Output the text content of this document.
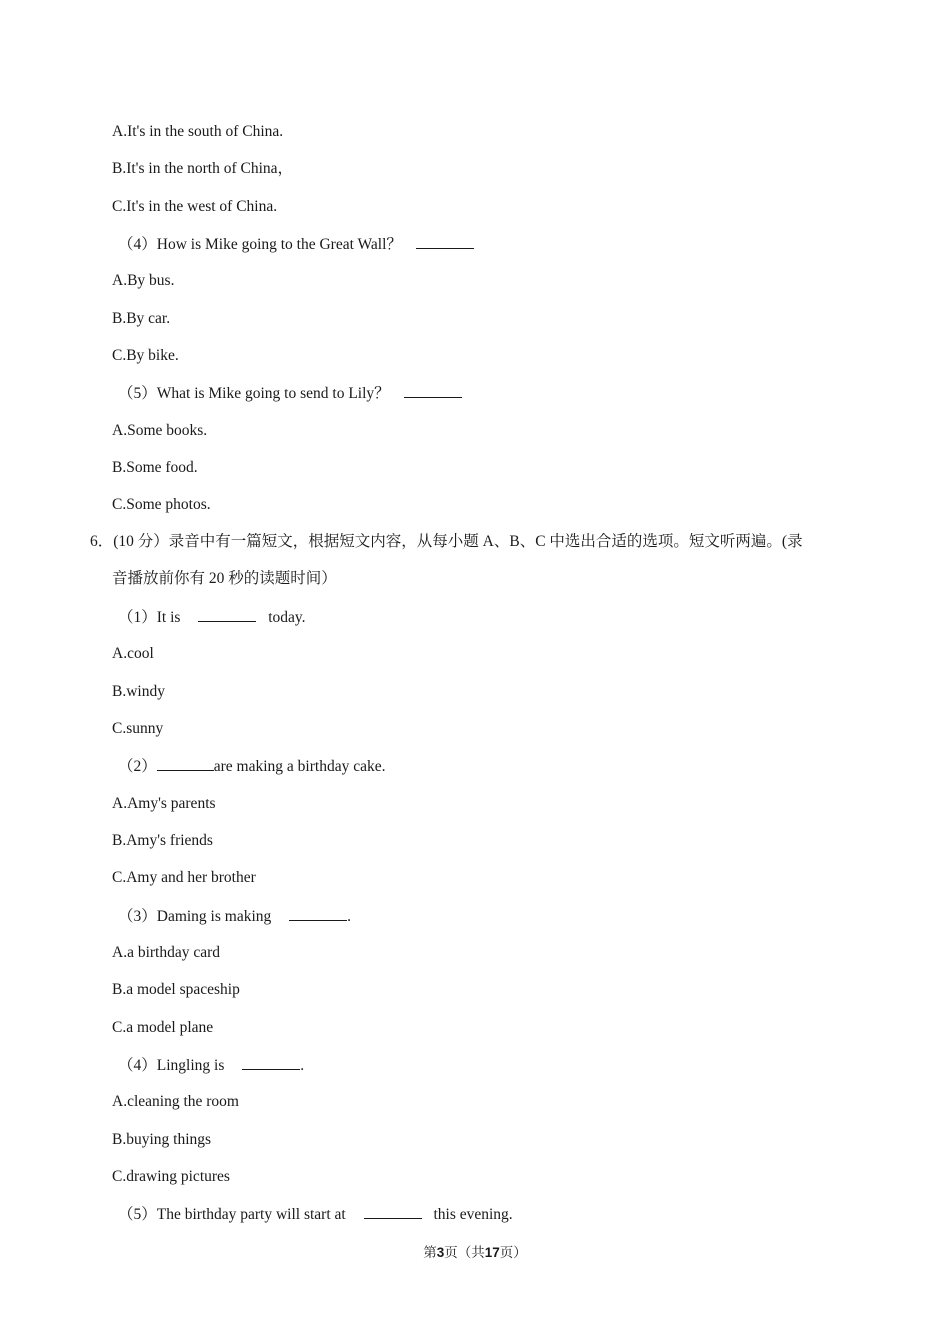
A.It's in the south of China.
B.It's in the north of China，
C.It's in the west of China.
（4）How is Mike going to the Great Wall？
A.By bus.
B.By car.
C.By bike.
（5）What is Mike going to send to Lily？
A.Some books.
B.Some food.
C.Some photos.
6．(10 分）录音中有一篇短文，根据短文内容，从每小题 A、B、C 中选出合适的选项。短文听两遍。(录
音播放前你有 20 秒的读题时间）
（1）It is	today.
A.cool
B.windy
C.sunny
（2）	are making a birthday cake.
A.Amy's parents
B.Amy's friends
C.Amy and her brother
（3）Daming is making	.
A.a birthday card
B.a model spaceship
C.a model plane
（4）Lingling is	.
A.cleaning the room
B.buying things
C.drawing pictures
（5）The birthday party will start at	this evening.
第3页（共17页）
